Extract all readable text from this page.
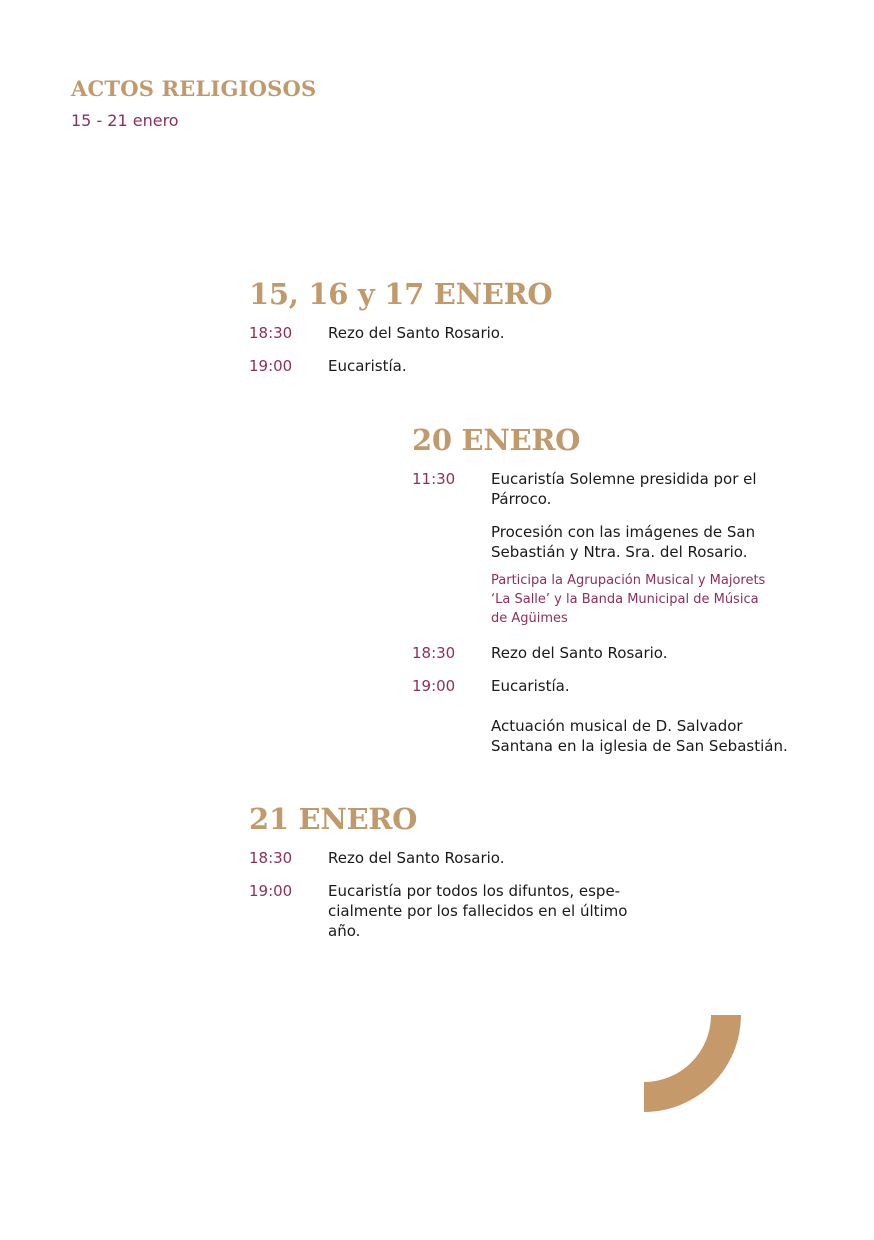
ACTOS RELIGIOSOS
15 - 21 enero
15, 16 y 17 ENERO
18:30 Rezo del Santo Rosario.
19:00 Eucaristía.
20 ENERO
11:30 Eucaristía Solemne presidida por el
Párroco.
Procesión con las imágenes de San
Sebastián y Ntra. Sra. del Rosario.
Participa la Agrupación Musical y Majorets
‘La Salle’ y la Banda Municipal de Música
de Agüimes
18:30 Rezo del Santo Rosario.
19:00 Eucaristía.
Actuación musical de D. Salvador
Santana en la iglesia de San Sebastián.
21 ENERO
18:30 Rezo del Santo Rosario.
19:00 Eucaristía por todos los difuntos, espe-
cialmente por los fallecidos en el último
año.
